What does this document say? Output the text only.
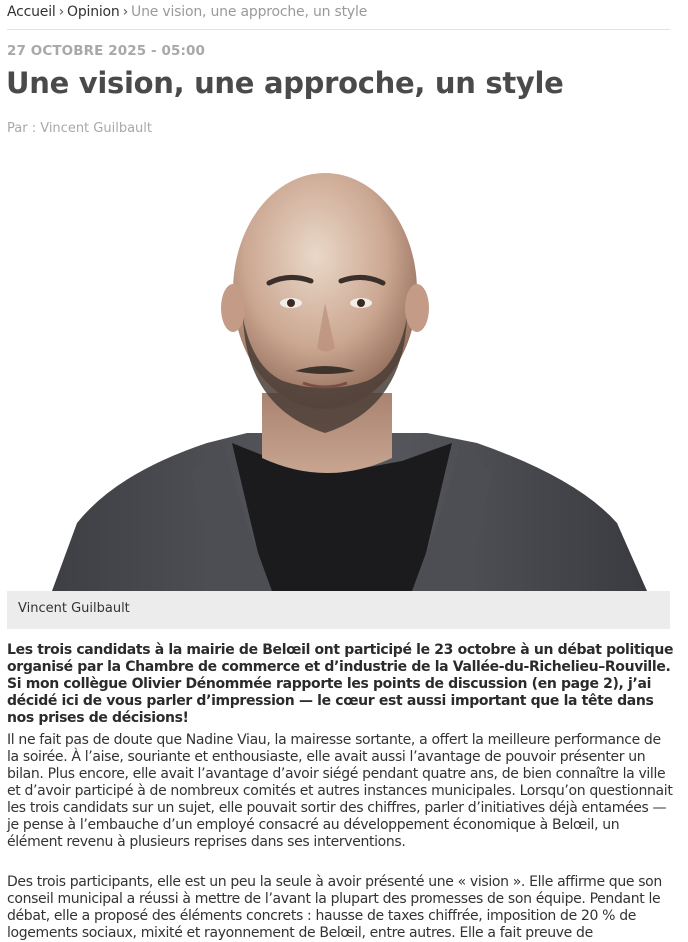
Accueil › Opinion › Une vision, une approche, un style
27 OCTOBRE 2025 - 05:00
Une vision, une approche, un style
Par : Vincent Guilbault
Vincent Guilbault

Les trois candidats à la mairie de Belœil ont participé le 23 octobre à un débat politique organisé par la Chambre de commerce et d’industrie de la Vallée-du-Richelieu–Rouville. Si mon collègue Olivier Dénommée rapporte les points de discussion (en page 2), j’ai décidé ici de vous parler d’impression — le cœur est aussi important que la tête dans nos prises de décisions!

Il ne fait pas de doute que Nadine Viau, la mairesse sortante, a offert la meilleure performance de la soirée. À l’aise, souriante et enthousiaste, elle avait aussi l’avantage de pouvoir présenter un bilan. Plus encore, elle avait l’avantage d’avoir siégé pendant quatre ans, de bien connaître la ville et d’avoir participé à de nombreux comités et autres instances municipales. Lorsqu’on questionnait les trois candidats sur un sujet, elle pouvait sortir des chiffres, parler d’initiatives déjà entamées — je pense à l’embauche d’un employé consacré au développement économique à Belœil, un élément revenu à plusieurs reprises dans ses interventions.

Des trois participants, elle est un peu la seule à avoir présenté une « vision ». Elle affirme que son conseil municipal a réussi à mettre de l’avant la plupart des promesses de son équipe. Pendant le débat, elle a proposé des éléments concrets : hausse de taxes chiffrée, imposition de 20 % de logements sociaux, mixité et rayonnement de Belœil, entre autres. Elle a fait preuve de
